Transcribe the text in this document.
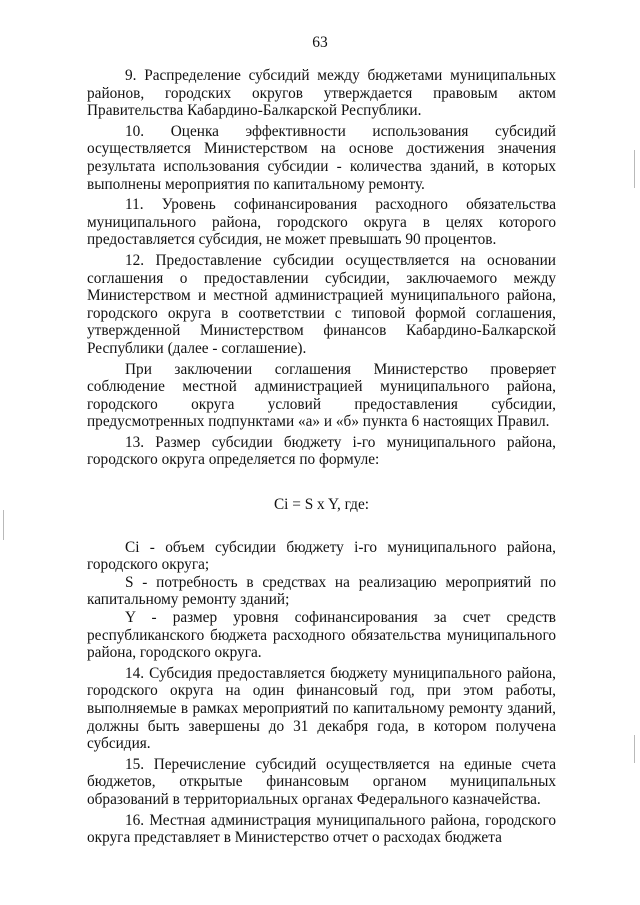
63

9. Распределение субсидий между бюджетами муниципальных районов, городских округов утверждается правовым актом Правительства Кабардино-Балкарской Республики.

10. Оценка эффективности использования субсидий осуществляется Министерством на основе достижения значения результата использования субсидии - количества зданий, в которых выполнены мероприятия по капитальному ремонту.

11. Уровень софинансирования расходного обязательства муниципального района, городского округа в целях которого предоставляется субсидия, не может превышать 90 процентов.

12. Предоставление субсидии осуществляется на основании соглашения о предоставлении субсидии, заключаемого между Министерством и местной администрацией муниципального района, городского округа в соответствии с типовой формой соглашения, утвержденной Министерством финансов Кабардино-Балкарской Республики (далее - соглашение).

При заключении соглашения Министерство проверяет соблюдение местной администрацией муниципального района, городского округа условий предоставления субсидии, предусмотренных подпунктами «а» и «б» пункта 6 настоящих Правил.

13. Размер субсидии бюджету i-го муниципального района, городского округа определяется по формуле:

Ci = S x Y, где:

Ci - объем субсидии бюджету i-го муниципального района, городского округа;

S - потребность в средствах на реализацию мероприятий по капитальному ремонту зданий;

Y - размер уровня софинансирования за счет средств республиканского бюджета расходного обязательства муниципального района, городского округа.

14. Субсидия предоставляется бюджету муниципального района, городского округа на один финансовый год, при этом работы, выполняемые в рамках мероприятий по капитальному ремонту зданий, должны быть завершены до 31 декабря года, в котором получена субсидия.

15. Перечисление субсидий осуществляется на единые счета бюджетов, открытые финансовым органом муниципальных образований в территориальных органах Федерального казначейства.

16. Местная администрация муниципального района, городского округа представляет в Министерство отчет о расходах бюджета
